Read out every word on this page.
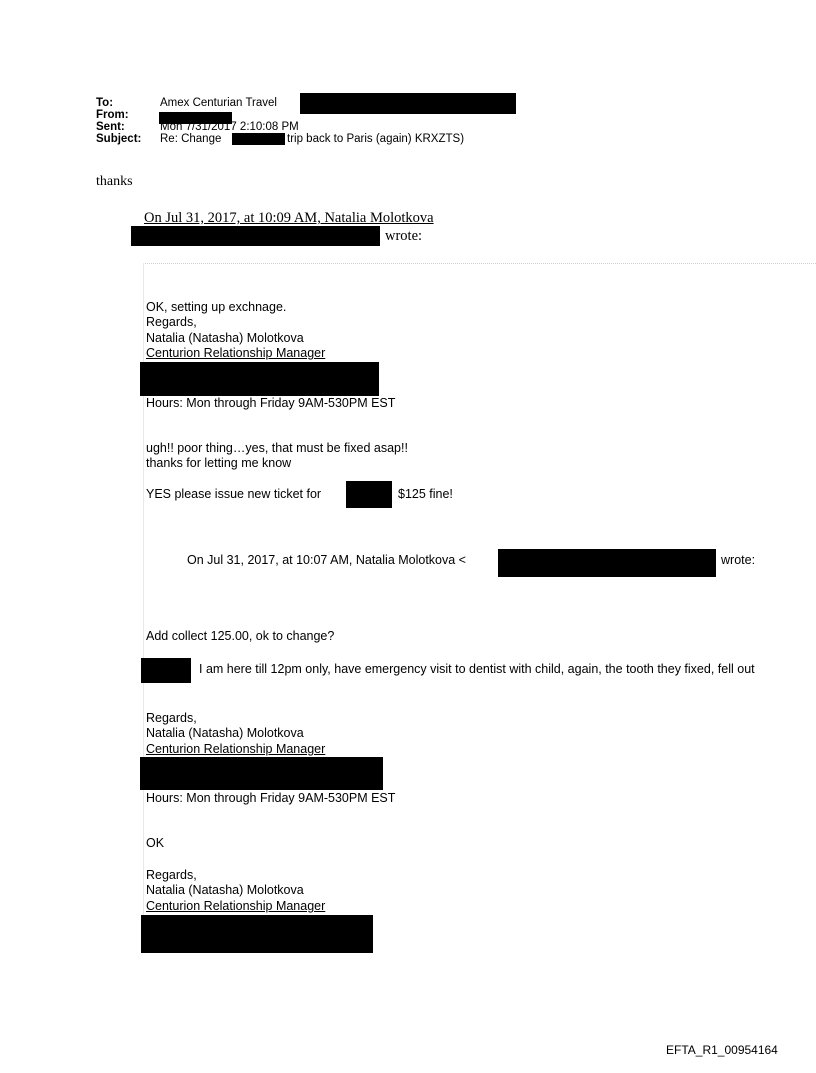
To:	Amex Centurian Travel
From:
Sent:	Mon 7/31/2017 2:10:08 PM
Subject: Re: Change	trip back to Paris (again) KRXZTS)
thanks
On Jul 31, 2017, at 10:09 AM, Natalia Molotkova
wrote:
OK, setting up exchnage.
Regards,
Natalia (Natasha) Molotkova
Centurion Relationship Manager
Hours: Mon through Friday 9AM-530PM EST
ugh!! poor thing…yes, that must be fixed asap!!
thanks for letting me know
YES please issue new ticket for	$125 fine!
On Jul 31, 2017, at 10:07 AM, Natalia Molotkova <	wrote:
Add collect 125.00, ok to change?
I am here till 12pm only, have emergency visit to dentist with child, again, the tooth they fixed, fell out
Regards,
Natalia (Natasha) Molotkova
Centurion Relationship Manager
Hours: Mon through Friday 9AM-530PM EST
OK
Regards,
Natalia (Natasha) Molotkova
Centurion Relationship Manager
EFTA_R1_00954164
